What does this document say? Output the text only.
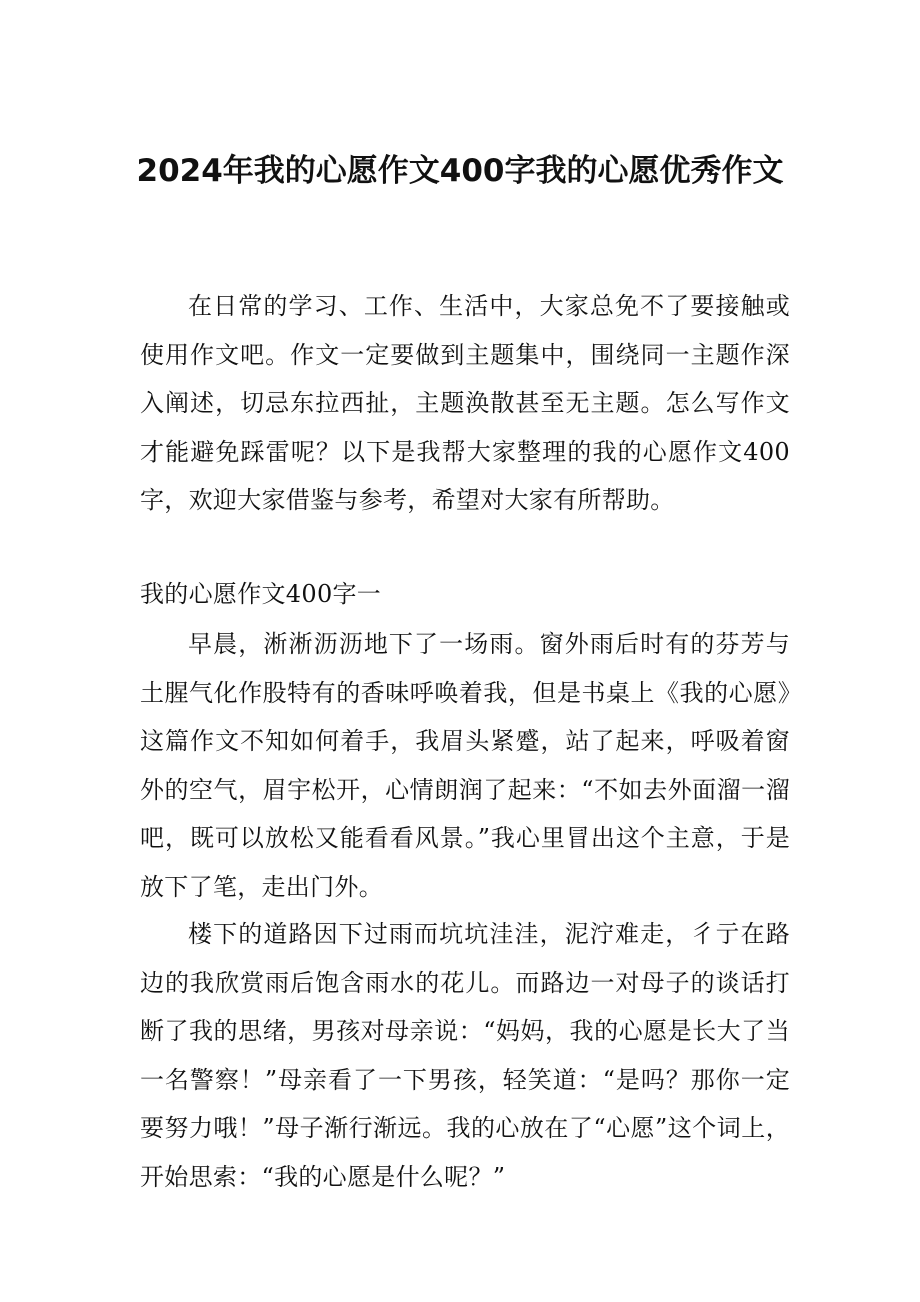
2024年我的心愿作文400字我的心愿优秀作文

在日常的学习、工作、生活中，大家总免不了要接触或使用作文吧。作文一定要做到主题集中，围绕同一主题作深入阐述，切忌东拉西扯，主题涣散甚至无主题。怎么写作文才能避免踩雷呢？以下是我帮大家整理的我的心愿作文400字，欢迎大家借鉴与参考，希望对大家有所帮助。

我的心愿作文400字一

早晨，淅淅沥沥地下了一场雨。窗外雨后时有的芬芳与土腥气化作股特有的香味呼唤着我，但是书桌上《我的心愿》这篇作文不知如何着手，我眉头紧蹙，站了起来，呼吸着窗外的空气，眉宇松开，心情朗润了起来：“不如去外面溜一溜吧，既可以放松又能看看风景。”我心里冒出这个主意，于是放下了笔，走出门外。

楼下的道路因下过雨而坑坑洼洼，泥泞难走，彳亍在路边的我欣赏雨后饱含雨水的花儿。而路边一对母子的谈话打断了我的思绪，男孩对母亲说：“妈妈，我的心愿是长大了当一名警察！”母亲看了一下男孩，轻笑道：“是吗？那你一定要努力哦！”母子渐行渐远。我的心放在了“心愿”这个词上，开始思索：“我的心愿是什么呢？”
